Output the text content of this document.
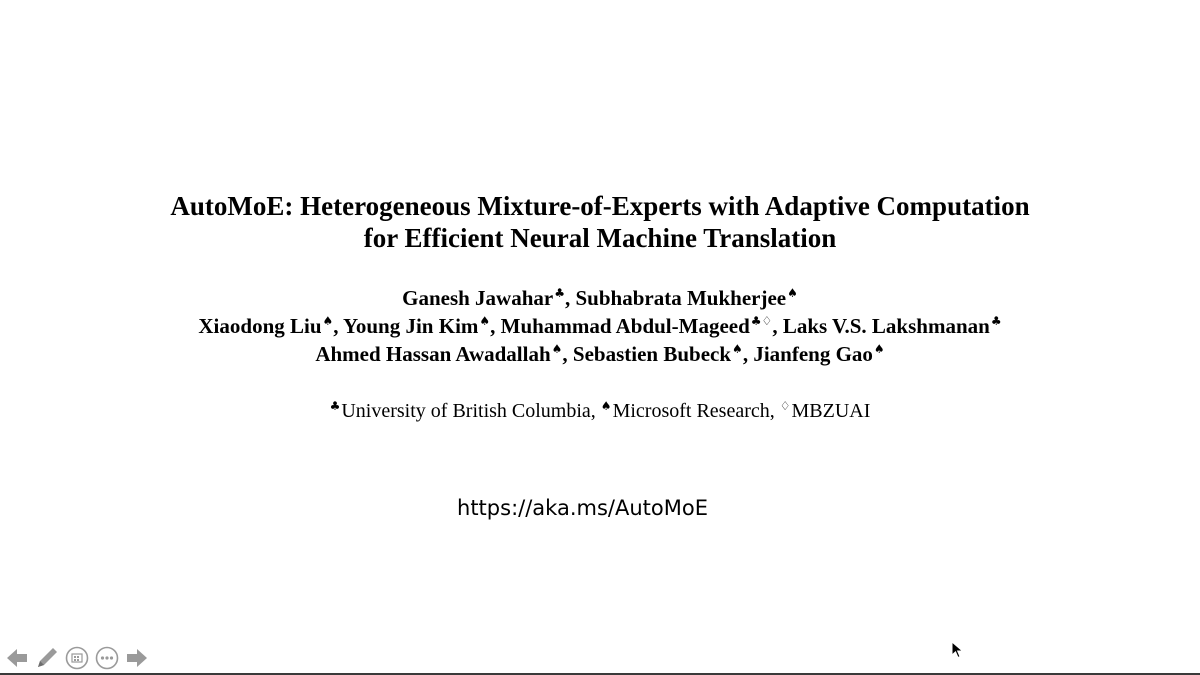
AutoMoE: Heterogeneous Mixture-of-Experts with Adaptive Computation
for Efficient Neural Machine Translation
Ganesh Jawahar♣, Subhabrata Mukherjee♠
Xiaodong Liu♠, Young Jin Kim♠, Muhammad Abdul-Mageed♣♢, Laks V.S. Lakshmanan♣
Ahmed Hassan Awadallah♠, Sebastien Bubeck♠, Jianfeng Gao♠
♣University of British Columbia, ♠Microsoft Research, ♢MBZUAI
https://aka.ms/AutoMoE
